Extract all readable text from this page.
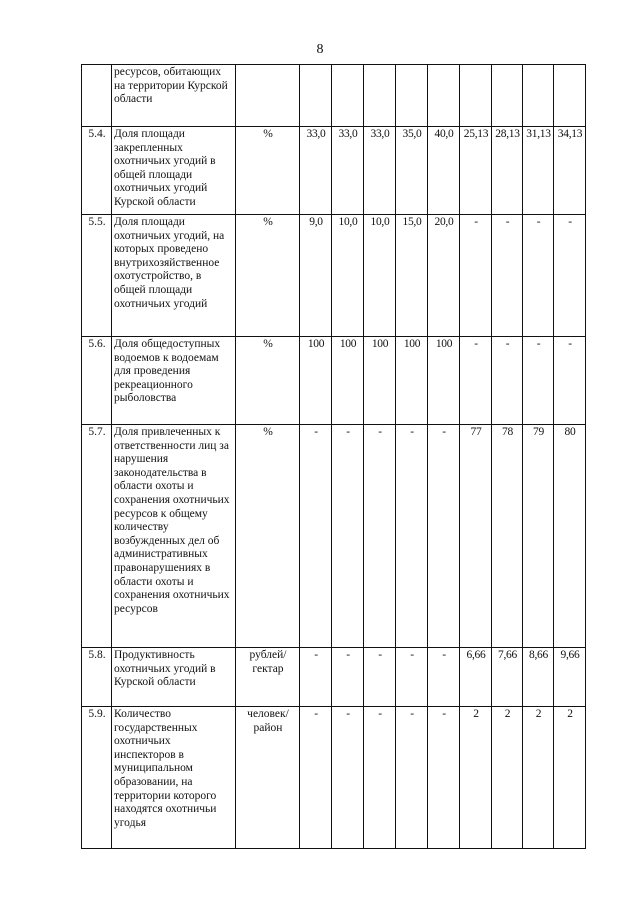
8
	ресурсов, обитающих на территории Курской области										
5.4.	Доля площади закрепленных охотничьих угодий в общей площади охотничьих угодий Курской области	%	33,0	33,0	33,0	35,0	40,0	25,13	28,13	31,13	34,13
5.5.	Доля площади охотничьих угодий, на которых проведено внутрихозяйственное охотустройство, в общей площади охотничьих угодий	%	9,0	10,0	10,0	15,0	20,0	-	-	-	-
5.6.	Доля общедоступных водоемов к водоемам для проведения рекреационного рыболовства	%	100	100	100	100	100	-	-	-	-
5.7.	Доля привлеченных к ответственности лиц за нарушения законодательства в области охоты и сохранения охотничьих ресурсов к общему количеству возбужденных дел об административных правонарушениях в области охоты и сохранения охотничьих ресурсов	%	-	-	-	-	-	77	78	79	80
5.8.	Продуктивность охотничьих угодий в Курской области	рублей/ гектар	-	-	-	-	-	6,66	7,66	8,66	9,66
5.9.	Количество государственных охотничьих инспекторов в муниципальном образовании, на территории которого находятся охотничьи угодья	человек/ район	-	-	-	-	-	2	2	2	2
